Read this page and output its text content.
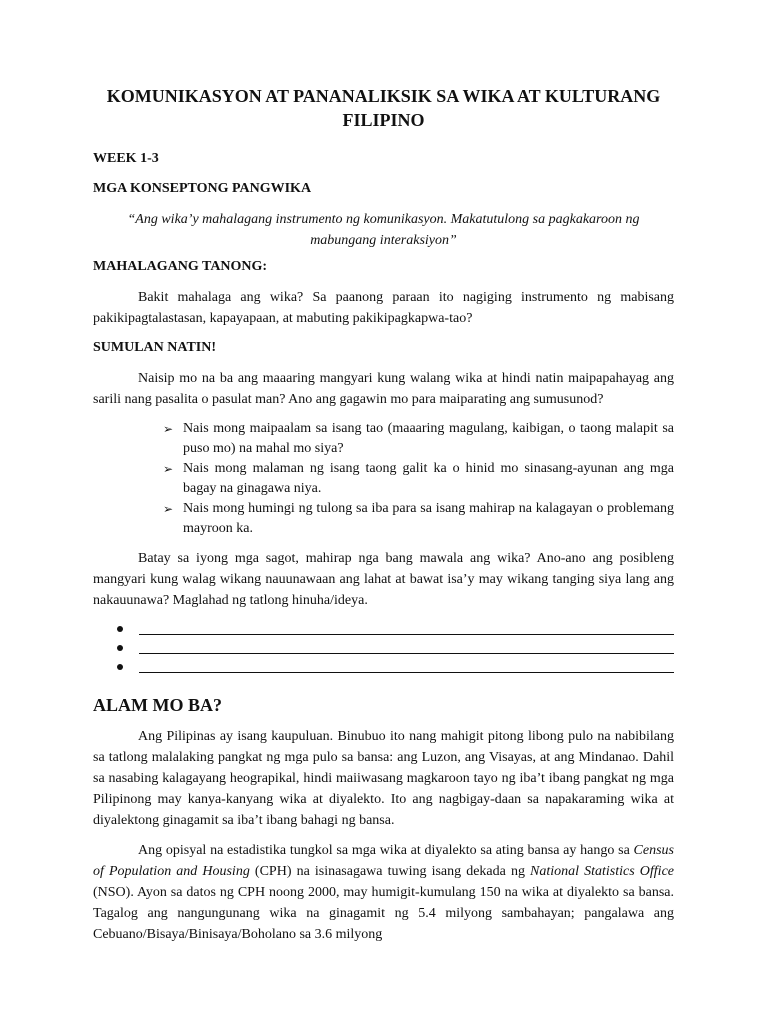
KOMUNIKASYON AT PANANALIKSIK SA WIKA AT KULTURANG FILIPINO
WEEK 1-3
MGA KONSEPTONG PANGWIKA
“Ang wika’y mahalagang instrumento ng komunikasyon. Makatutulong sa pagkakaroon ng mabungang interaksiyon”
MAHALAGANG TANONG:

Bakit mahalaga ang wika? Sa paanong paraan ito nagiging instrumento ng mabisang pakikipagtalastasan, kapayapaan, at mabuting pakikipagkapwa-tao?

SUMULAN NATIN!

Naisip mo na ba ang maaaring mangyari kung walang wika at hindi natin maipapahayag ang sarili nang pasalita o pasulat man? Ano ang gagawin mo para maiparating ang sumusunod?

➢ Nais mong maipaalam sa isang tao (maaaring magulang, kaibigan, o taong malapit sa puso mo) na mahal mo siya?
➢ Nais mong malaman ng isang taong galit ka o hinid mo sinasang-ayunan ang mga bagay na ginagawa niya.
➢ Nais mong humingi ng tulong sa iba para sa isang mahirap na kalagayan o problemang mayroon ka.

Batay sa iyong mga sagot, mahirap nga bang mawala ang wika? Ano-ano ang posibleng mangyari kung walag wikang nauunawaan ang lahat at bawat isa’y may wikang tanging siya lang ang nakauunawa? Maglahad ng tatlong hinuha/ideya.

ALAM MO BA?

Ang Pilipinas ay isang kaupuluan. Binubuo ito nang mahigit pitong libong pulo na nabibilang sa tatlong malalaking pangkat ng mga pulo sa bansa: ang Luzon, ang Visayas, at ang Mindanao. Dahil sa nasabing kalagayang heograpikal, hindi maiiwasang magkaroon tayo ng iba’t ibang pangkat ng mga Pilipinong may kanya-kanyang wika at diyalekto. Ito ang nagbigay-daan sa napakaraming wika at diyalektong ginagamit sa iba’t ibang bahagi ng bansa.

Ang opisyal na estadistika tungkol sa mga wika at diyalekto sa ating bansa ay hango sa Census of Population and Housing (CPH) na isinasagawa tuwing isang dekada ng National Statistics Office (NSO). Ayon sa datos ng CPH noong 2000, may humigit-kumulang 150 na wika at diyalekto sa bansa. Tagalog ang nangungunang wika na ginagamit ng 5.4 milyong sambahayan; pangalawa ang Cebuano/Bisaya/Binisaya/Boholano sa 3.6 milyong
